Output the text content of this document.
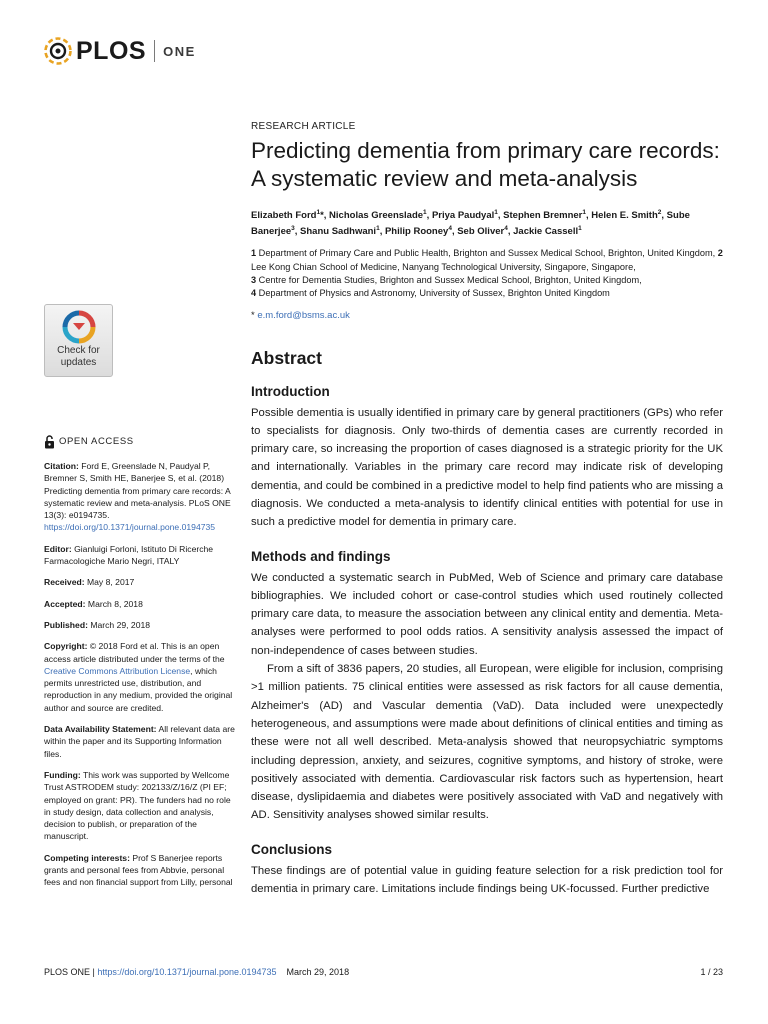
PLOS ONE
Check for
updates
OPEN ACCESS
Citation: Ford E, Greenslade N, Paudyal P, Bremner S, Smith HE, Banerjee S, et al. (2018) Predicting dementia from primary care records: A systematic review and meta-analysis. PLoS ONE 13(3): e0194735. https://doi.org/10.1371/journal.pone.0194735
Editor: Gianluigi Forloni, Istituto Di Ricerche Farmacologiche Mario Negri, ITALY
Received: May 8, 2017
Accepted: March 8, 2018
Published: March 29, 2018
Copyright: © 2018 Ford et al. This is an open access article distributed under the terms of the Creative Commons Attribution License, which permits unrestricted use, distribution, and reproduction in any medium, provided the original author and source are credited.
Data Availability Statement: All relevant data are within the paper and its Supporting Information files.
Funding: This work was supported by Wellcome Trust ASTRODEM study: 202133/Z/16/Z (PI EF; employed on grant: PR). The funders had no role in study design, data collection and analysis, decision to publish, or preparation of the manuscript.
Competing interests: Prof S Banerjee reports grants and personal fees from Abbvie, personal fees and non financial support from Lilly, personal
RESEARCH ARTICLE
Predicting dementia from primary care records: A systematic review and meta-analysis
Elizabeth Ford$^1$*, Nicholas Greenslade$^1$, Priya Paudyal$^1$, Stephen Bremner$^1$, Helen E. Smith$^2$, Sube Banerjee$^3$, Shanu Sadhwani$^1$, Philip Rooney$^4$, Seb Oliver$^4$, Jackie Cassell$^1$
1 Department of Primary Care and Public Health, Brighton and Sussex Medical School, Brighton, United Kingdom, 2 Lee Kong Chian School of Medicine, Nanyang Technological University, Singapore, Singapore,
3 Centre for Dementia Studies, Brighton and Sussex Medical School, Brighton, United Kingdom,
4 Department of Physics and Astronomy, University of Sussex, Brighton United Kingdom
* e.m.ford@bsms.ac.uk
Abstract
Introduction

Possible dementia is usually identified in primary care by general practitioners (GPs) who refer to specialists for diagnosis. Only two-thirds of dementia cases are currently recorded in primary care, so increasing the proportion of cases diagnosed is a strategic priority for the UK and internationally. Variables in the primary care record may indicate risk of developing dementia, and could be combined in a predictive model to help find patients who are missing a diagnosis. We conducted a meta-analysis to identify clinical entities with potential for use in such a predictive model for dementia in primary care.

Methods and findings

We conducted a systematic search in PubMed, Web of Science and primary care database bibliographies. We included cohort or case-control studies which used routinely collected primary care data, to measure the association between any clinical entity and dementia. Meta-analyses were performed to pool odds ratios. A sensitivity analysis assessed the impact of non-independence of cases between studies.

From a sift of 3836 papers, 20 studies, all European, were eligible for inclusion, comprising >1 million patients. 75 clinical entities were assessed as risk factors for all cause dementia, Alzheimer's (AD) and Vascular dementia (VaD). Data included were unexpectedly heterogeneous, and assumptions were made about definitions of clinical entities and timing as these were not all well described. Meta-analysis showed that neuropsychiatric symptoms including depression, anxiety, and seizures, cognitive symptoms, and history of stroke, were positively associated with dementia. Cardiovascular risk factors such as hypertension, heart disease, dyslipidaemia and diabetes were positively associated with VaD and negatively with AD. Sensitivity analyses showed similar results.

Conclusions

These findings are of potential value in guiding feature selection for a risk prediction tool for dementia in primary care. Limitations include findings being UK-focussed. Further predictive

PLOS ONE | https://doi.org/10.1371/journal.pone.0194735 March 29, 2018	1 / 23
